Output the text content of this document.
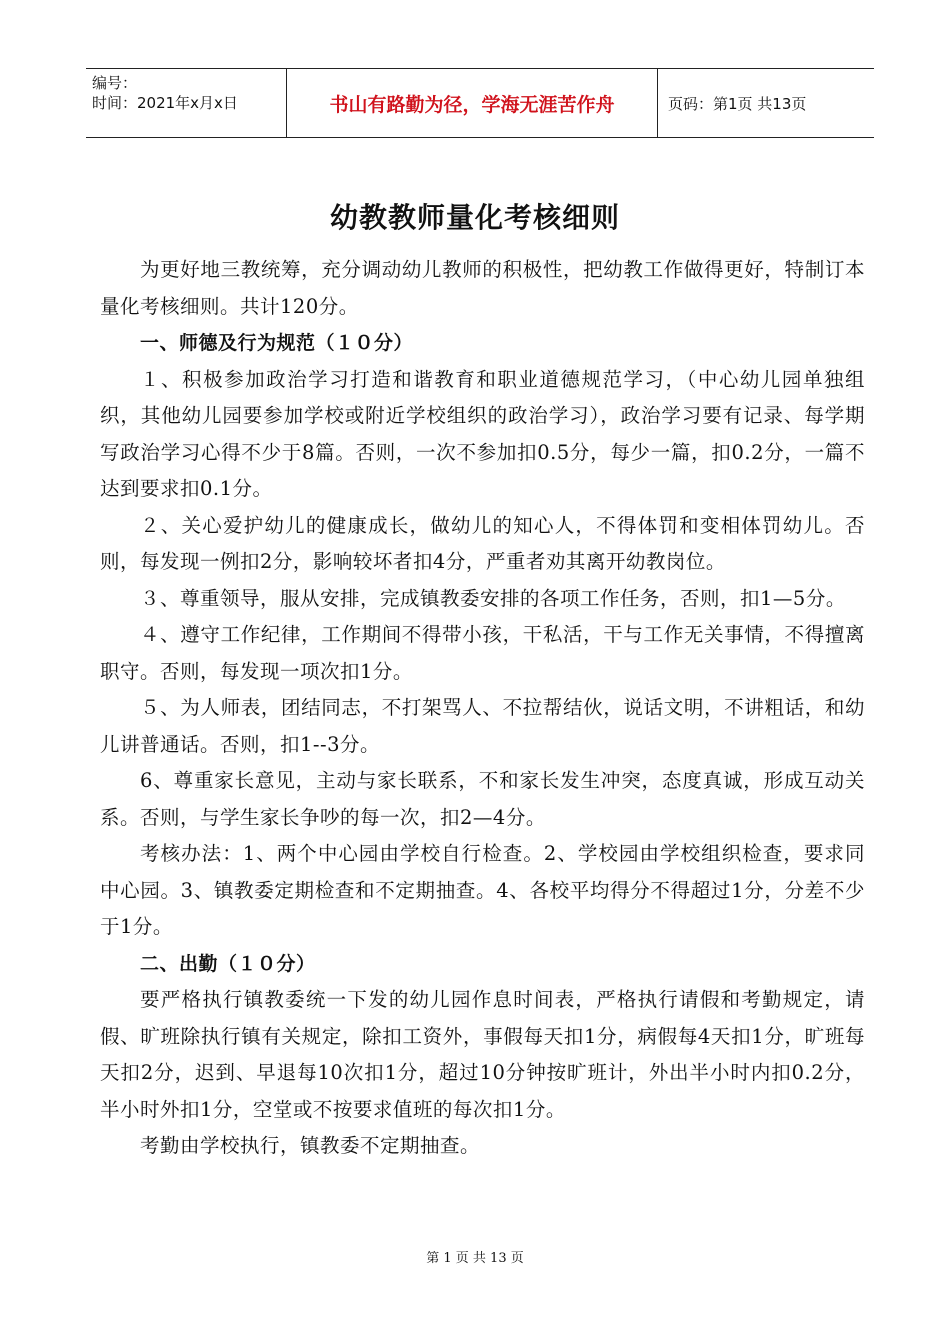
编号：
时间：2021年x月x日	书山有路勤为径，学海无涯苦作舟	页码：第1页 共13页
幼教教师量化考核细则

为更好地三教统筹，充分调动幼儿教师的积极性，把幼教工作做得更好，特制订本量化考核细则。共计120分。

一、师德及行为规范（１０分）

１、积极参加政治学习打造和谐教育和职业道德规范学习，（中心幼儿园单独组织，其他幼儿园要参加学校或附近学校组织的政治学习），政治学习要有记录、每学期写政治学习心得不少于8篇。否则，一次不参加扣0.5分，每少一篇，扣0.2分，一篇不达到要求扣0.1分。

２、关心爱护幼儿的健康成长，做幼儿的知心人，不得体罚和变相体罚幼儿。否则，每发现一例扣2分，影响较坏者扣4分，严重者劝其离开幼教岗位。

３、尊重领导，服从安排，完成镇教委安排的各项工作任务，否则，扣1—5分。

４、遵守工作纪律，工作期间不得带小孩，干私活，干与工作无关事情，不得擅离职守。否则，每发现一项次扣1分。

５、为人师表，团结同志，不打架骂人、不拉帮结伙，说话文明，不讲粗话，和幼儿讲普通话。否则，扣1--3分。

6、尊重家长意见，主动与家长联系，不和家长发生冲突，态度真诚，形成互动关系。否则，与学生家长争吵的每一次，扣2—4分。

考核办法：1、两个中心园由学校自行检查。2、学校园由学校组织检查，要求同中心园。3、镇教委定期检查和不定期抽查。4、各校平均得分不得超过1分，分差不少于1分。

二、出勤（１０分）

要严格执行镇教委统一下发的幼儿园作息时间表，严格执行请假和考勤规定，请假、旷班除执行镇有关规定，除扣工资外，事假每天扣1分，病假每4天扣1分，旷班每天扣2分，迟到、早退每10次扣1分，超过10分钟按旷班计，外出半小时内扣0.2分，半小时外扣1分，空堂或不按要求值班的每次扣1分。

考勤由学校执行，镇教委不定期抽查。

第 1 页 共 13 页
